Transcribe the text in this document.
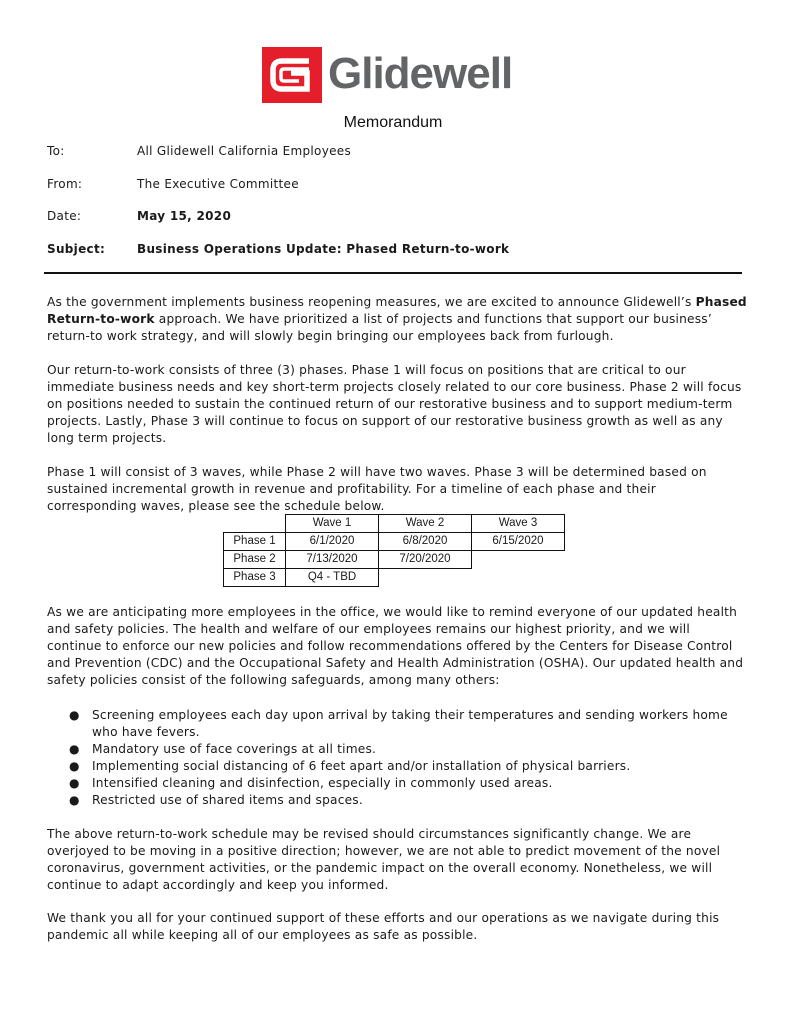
Glidewell
Memorandum
To:	All Glidewell California Employees
From:	The Executive Committee
Date:	May 15, 2020
Subject:	Business Operations Update: Phased Return-to-work

As the government implements business reopening measures, we are excited to announce Glidewell’s Phased Return-to-work approach. We have prioritized a list of projects and functions that support our business’ return-to work strategy, and will slowly begin bringing our employees back from furlough.

Our return-to-work consists of three (3) phases. Phase 1 will focus on positions that are critical to our immediate business needs and key short-term projects closely related to our core business. Phase 2 will focus on positions needed to sustain the continued return of our restorative business and to support medium-term projects. Lastly, Phase 3 will continue to focus on support of our restorative business growth as well as any long term projects.

Phase 1 will consist of 3 waves, while Phase 2 will have two waves. Phase 3 will be determined based on sustained incremental growth in revenue and profitability. For a timeline of each phase and their corresponding waves, please see the schedule below.

	Wave 1	Wave 2	Wave 3
Phase 1	6/1/2020	6/8/2020	6/15/2020
Phase 2	7/13/2020	7/20/2020	
Phase 3	Q4 - TBD		

As we are anticipating more employees in the office, we would like to remind everyone of our updated health and safety policies. The health and welfare of our employees remains our highest priority, and we will continue to enforce our new policies and follow recommendations offered by the Centers for Disease Control and Prevention (CDC) and the Occupational Safety and Health Administration (OSHA). Our updated health and safety policies consist of the following safeguards, among many others:

● Screening employees each day upon arrival by taking their temperatures and sending workers home who have fevers.
● Mandatory use of face coverings at all times.
● Implementing social distancing of 6 feet apart and/or installation of physical barriers.
● Intensified cleaning and disinfection, especially in commonly used areas.
● Restricted use of shared items and spaces.

The above return-to-work schedule may be revised should circumstances significantly change. We are overjoyed to be moving in a positive direction; however, we are not able to predict movement of the novel coronavirus, government activities, or the pandemic impact on the overall economy. Nonetheless, we will continue to adapt accordingly and keep you informed.

We thank you all for your continued support of these efforts and our operations as we navigate during this pandemic all while keeping all of our employees as safe as possible.
